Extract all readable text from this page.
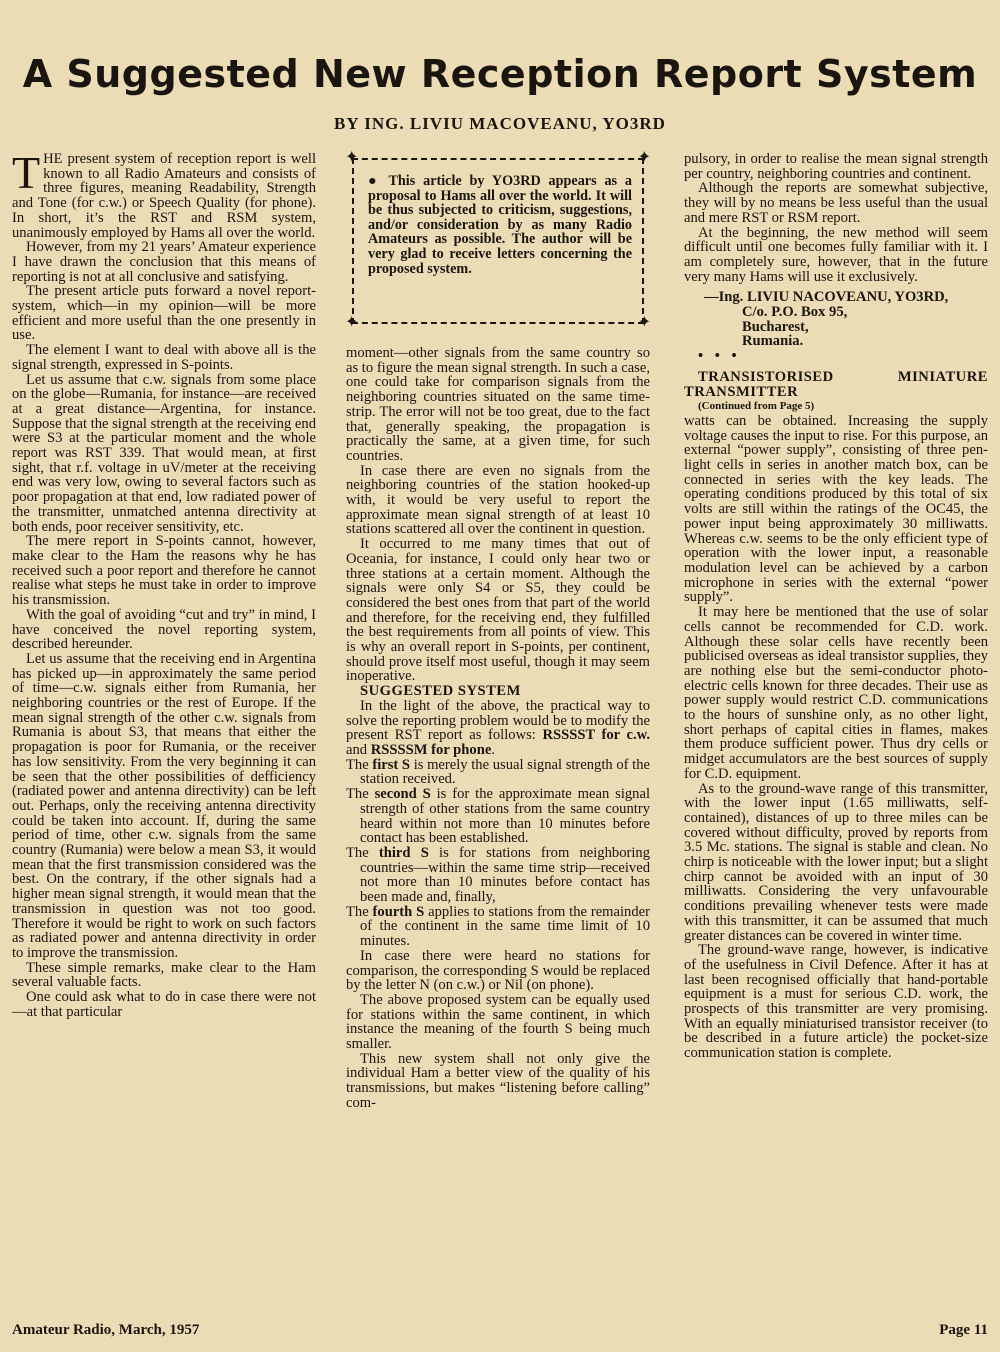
A Suggested New Reception Report System
BY ING. LIVIU MACOVEANU, YO3RD

THE present system of reception report is well known to all Radio Amateurs and consists of three figures, meaning Readability, Strength and Tone (for c.w.) or Speech Quality (for phone). In short, it’s the RST and RSM system, unanimously employed by Hams all over the world.

However, from my 21 years’ Amateur experience I have drawn the conclusion that this means of reporting is not at all conclusive and satisfying.

The present article puts forward a novel report-system, which—in my opinion—will be more efficient and more useful than the one presently in use.

The element I want to deal with above all is the signal strength, expressed in S-points.

Let us assume that c.w. signals from some place on the globe—Rumania, for instance—are received at a great distance—Argentina, for instance. Suppose that the signal strength at the receiving end were S3 at the particular moment and the whole report was RST 339. That would mean, at first sight, that r.f. voltage in uV/meter at the receiving end was very low, owing to several factors such as poor propagation at that end, low radiated power of the transmitter, unmatched antenna directivity at both ends, poor receiver sensitivity, etc.

The mere report in S-points cannot, however, make clear to the Ham the reasons why he has received such a poor report and therefore he cannot realise what steps he must take in order to improve his transmission.

With the goal of avoiding “cut and try” in mind, I have conceived the novel reporting system, described hereunder.

Let us assume that the receiving end in Argentina has picked up—in approximately the same period of time—c.w. signals either from Rumania, her neighboring countries or the rest of Europe. If the mean signal strength of the other c.w. signals from Rumania is about S3, that means that either the propagation is poor for Rumania, or the receiver has low sensitivity. From the very beginning it can be seen that the other possibilities of defficiency (radiated power and antenna directivity) can be left out. Perhaps, only the receiving antenna directivity could be taken into account. If, during the same period of time, other c.w. signals from the same country (Rumania) were below a mean S3, it would mean that the first transmission considered was the best. On the contrary, if the other signals had a higher mean signal strength, it would mean that the transmission in question was not too good. Therefore it would be right to work on such factors as radiated power and antenna directivity in order to improve the transmission.

These simple remarks, make clear to the Ham several valuable facts.

One could ask what to do in case there were not—at that particular

✦	✦
✦	✦
● This article by YO3RD appears as a proposal to Hams all over the world. It will be thus subjected to criticism, suggestions, and/or consideration by as many Radio Amateurs as possible. The author will be very glad to receive letters concerning the proposed system.

moment—other signals from the same country so as to figure the mean signal strength. In such a case, one could take for comparison signals from the neighboring countries situated on the same time-strip. The error will not be too great, due to the fact that, generally speaking, the propagation is practically the same, at a given time, for such countries.

In case there are even no signals from the neighboring countries of the station hooked-up with, it would be very useful to report the approximate mean signal strength of at least 10 stations scattered all over the continent in question.

It occurred to me many times that out of Oceania, for instance, I could only hear two or three stations at a certain moment. Although the signals were only S4 or S5, they could be considered the best ones from that part of the world and therefore, for the receiving end, they fulfilled the best requirements from all points of view. This is why an overall report in S-points, per continent, should prove itself most useful, though it may seem inoperative.

SUGGESTED SYSTEM

In the light of the above, the practical way to solve the reporting problem would be to modify the present RST report as follows: RSSSST for c.w. and RSSSSM for phone.

The first S is merely the usual signal strength of the station received.

The second S is for the approximate mean signal strength of other stations from the same country heard within not more than 10 minutes before contact has been established.

The third S is for stations from neighboring countries—within the same time strip—received not more than 10 minutes before contact has been made and, finally,

The fourth S applies to stations from the remainder of the continent in the same time limit of 10 minutes.

In case there were heard no stations for comparison, the corresponding S would be replaced by the letter N (on c.w.) or Nil (on phone).

The above proposed system can be equally used for stations within the same continent, in which instance the meaning of the fourth S being much smaller.

This new system shall not only give the individual Ham a better view of the quality of his transmissions, but makes “listening before calling” com-

pulsory, in order to realise the mean signal strength per country, neighboring countries and continent.

Although the reports are somewhat subjective, they will by no means be less useful than the usual and mere RST or RSM report.

At the beginning, the new method will seem difficult until one becomes fully familiar with it. I am completely sure, however, that in the future very many Hams will use it exclusively.

—Ing. LIVIU NACOVEANU, YO3RD,

C/o. P.O. Box 95,

Bucharest,

Rumania.

• • •

TRANSISTORISED MINIATURE TRANSMITTER

(Continued from Page 5)

watts can be obtained. Increasing the supply voltage causes the input to rise. For this purpose, an external “power supply”, consisting of three pen-light cells in series in another match box, can be connected in series with the key leads. The operating conditions produced by this total of six volts are still within the ratings of the OC45, the power input being approximately 30 milliwatts. Whereas c.w. seems to be the only efficient type of operation with the lower input, a reasonable modulation level can be achieved by a carbon microphone in series with the external “power supply”.

It may here be mentioned that the use of solar cells cannot be recommended for C.D. work. Although these solar cells have recently been publicised overseas as ideal transistor supplies, they are nothing else but the semi-conductor photo-electric cells known for three decades. Their use as power supply would restrict C.D. communications to the hours of sunshine only, as no other light, short perhaps of capital cities in flames, makes them produce sufficient power. Thus dry cells or midget accumulators are the best sources of supply for C.D. equipment.

As to the ground-wave range of this transmitter, with the lower input (1.65 milliwatts, self-contained), distances of up to three miles can be covered without difficulty, proved by reports from 3.5 Mc. stations. The signal is stable and clean. No chirp is noticeable with the lower input; but a slight chirp cannot be avoided with an input of 30 milliwatts. Considering the very unfavourable conditions prevailing whenever tests were made with this transmitter, it can be assumed that much greater distances can be covered in winter time.

The ground-wave range, however, is indicative of the usefulness in Civil Defence. After it has at last been recognised officially that hand-portable equipment is a must for serious C.D. work, the prospects of this transmitter are very promising. With an equally miniaturised transistor receiver (to be described in a future article) the pocket-size communication station is complete.

Amateur Radio, March, 1957	Page 11
